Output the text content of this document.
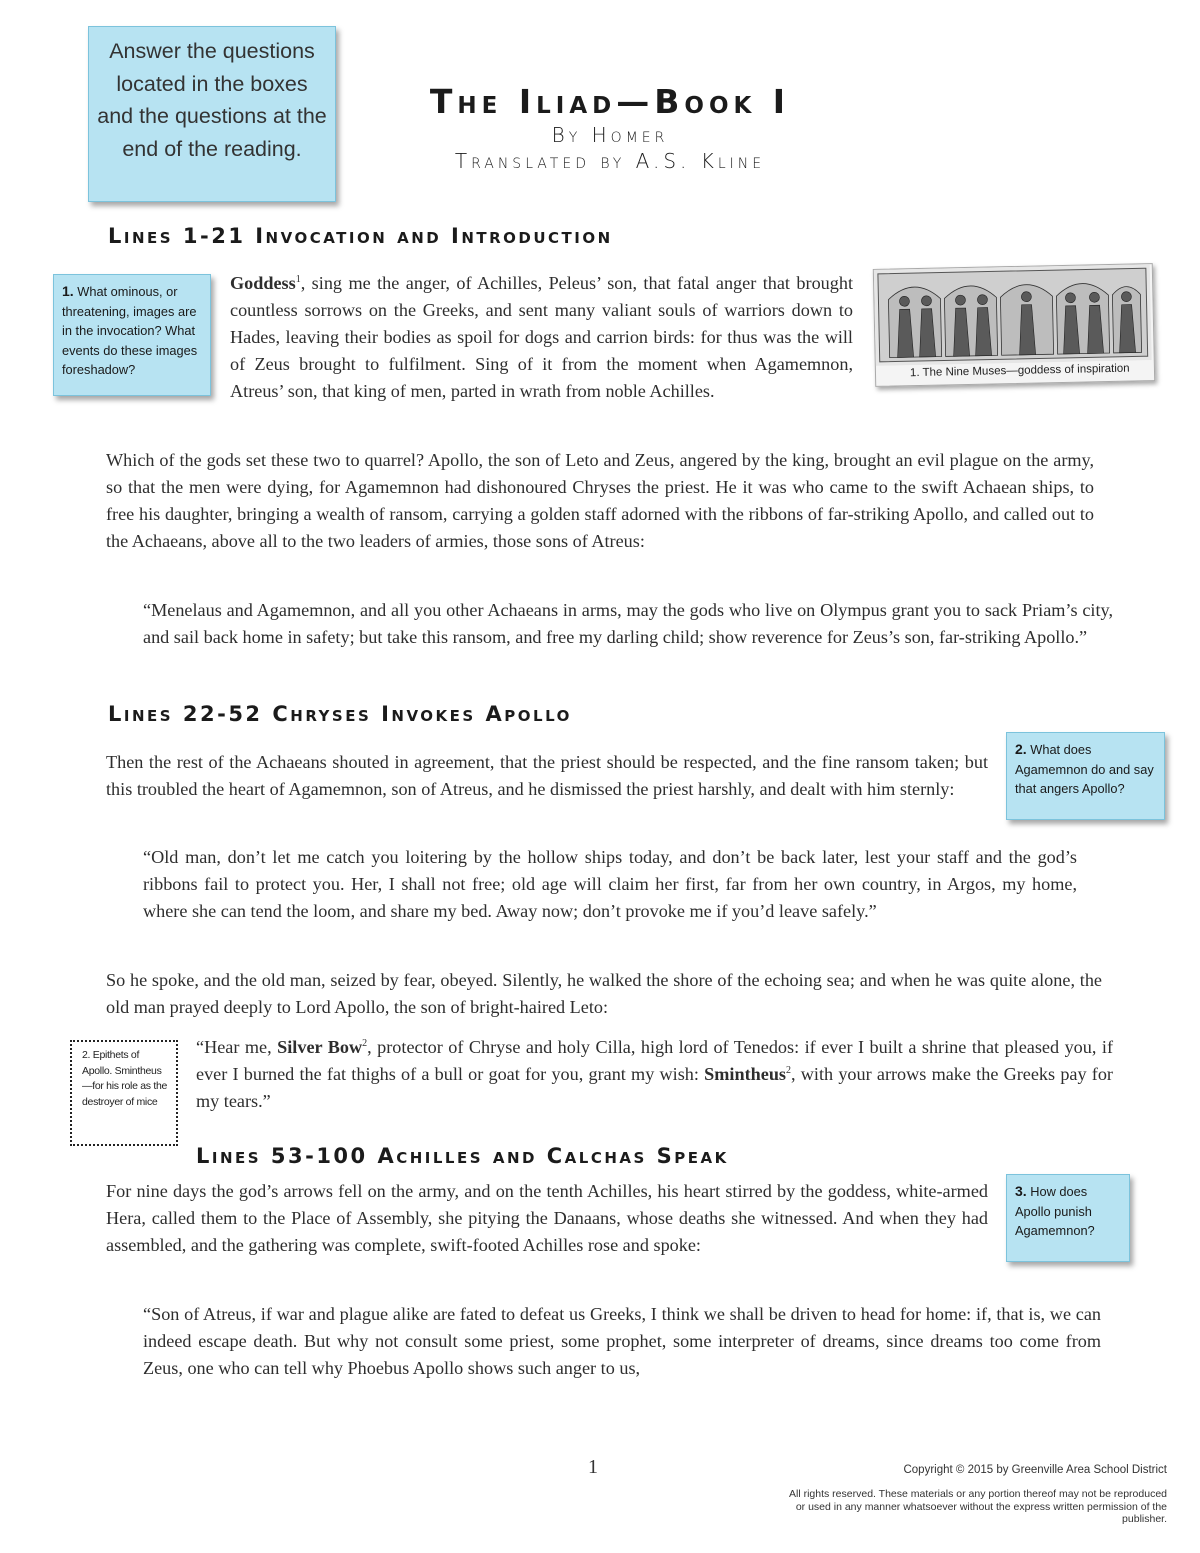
Answer the questions located in the boxes and the questions at the end of the reading.
The Iliad—Book I
By Homer
Translated by A.S. Kline
Lines 1-21 Invocation and Introduction
1. What ominous, or threatening, images are in the invocation? What events do these images foreshadow?	1. The Nine Muses—goddess of inspiration

Goddess$^1$, sing me the anger, of Achilles, Peleus’ son, that fatal anger that brought countless sorrows on the Greeks, and sent many valiant souls of warriors down to Hades, leaving their bodies as spoil for dogs and carrion birds: for thus was the will of Zeus brought to fulfilment. Sing of it from the moment when Agamemnon, Atreus’ son, that king of men, parted in wrath from noble Achilles.

Which of the gods set these two to quarrel? Apollo, the son of Leto and Zeus, angered by the king, brought an evil plague on the army, so that the men were dying, for Agamemnon had dishonoured Chryses the priest. He it was who came to the swift Achaean ships, to free his daughter, bringing a wealth of ransom, carrying a golden staff adorned with the ribbons of far-striking Apollo, and called out to the Achaeans, above all to the two leaders of armies, those sons of Atreus:

“Menelaus and Agamemnon, and all you other Achaeans in arms, may the gods who live on Olympus grant you to sack Priam’s city, and sail back home in safety; but take this ransom, and free my darling child; show reverence for Zeus’s son, far-striking Apollo.”

Lines 22-52 Chryses Invokes Apollo
2. What does Agamemnon do and say that angers Apollo?

Then the rest of the Achaeans shouted in agreement, that the priest should be respected, and the fine ransom taken; but this troubled the heart of Agamemnon, son of Atreus, and he dismissed the priest harshly, and dealt with him sternly:

“Old man, don’t let me catch you loitering by the hollow ships today, and don’t be back later, lest your staff and the god’s ribbons fail to protect you. Her, I shall not free; old age will claim her first, far from her own country, in Argos, my home, where she can tend the loom, and share my bed. Away now; don’t provoke me if you’d leave safely.”

So he spoke, and the old man, seized by fear, obeyed. Silently, he walked the shore of the echoing sea; and when he was quite alone, the old man prayed deeply to Lord Apollo, the son of bright-haired Leto:

2. Epithets of Apollo. Smintheus—for his role as the destroyer of mice

“Hear me, Silver Bow$^2$, protector of Chryse and holy Cilla, high lord of Tenedos: if ever I built a shrine that pleased you, if ever I burned the fat thighs of a bull or goat for you, grant my wish: Smintheus$^2$, with your arrows make the Greeks pay for my tears.”

Lines 53-100 Achilles and Calchas Speak
3. How does Apollo punish Agamemnon?

For nine days the god’s arrows fell on the army, and on the tenth Achilles, his heart stirred by the goddess, white-armed Hera, called them to the Place of Assembly, she pitying the Danaans, whose deaths she witnessed. And when they had assembled, and the gathering was complete, swift-footed Achilles rose and spoke:

“Son of Atreus, if war and plague alike are fated to defeat us Greeks, I think we shall be driven to head for home: if, that is, we can indeed escape death. But why not consult some priest, some prophet, some interpreter of dreams, since dreams too come from Zeus, one who can tell why Phoebus Apollo shows such anger to us,

1	Copyright © 2015 by Greenville Area School District
All rights reserved. These materials or any portion thereof may not be reproduced or used in any manner whatsoever without the express written permission of the publisher.
